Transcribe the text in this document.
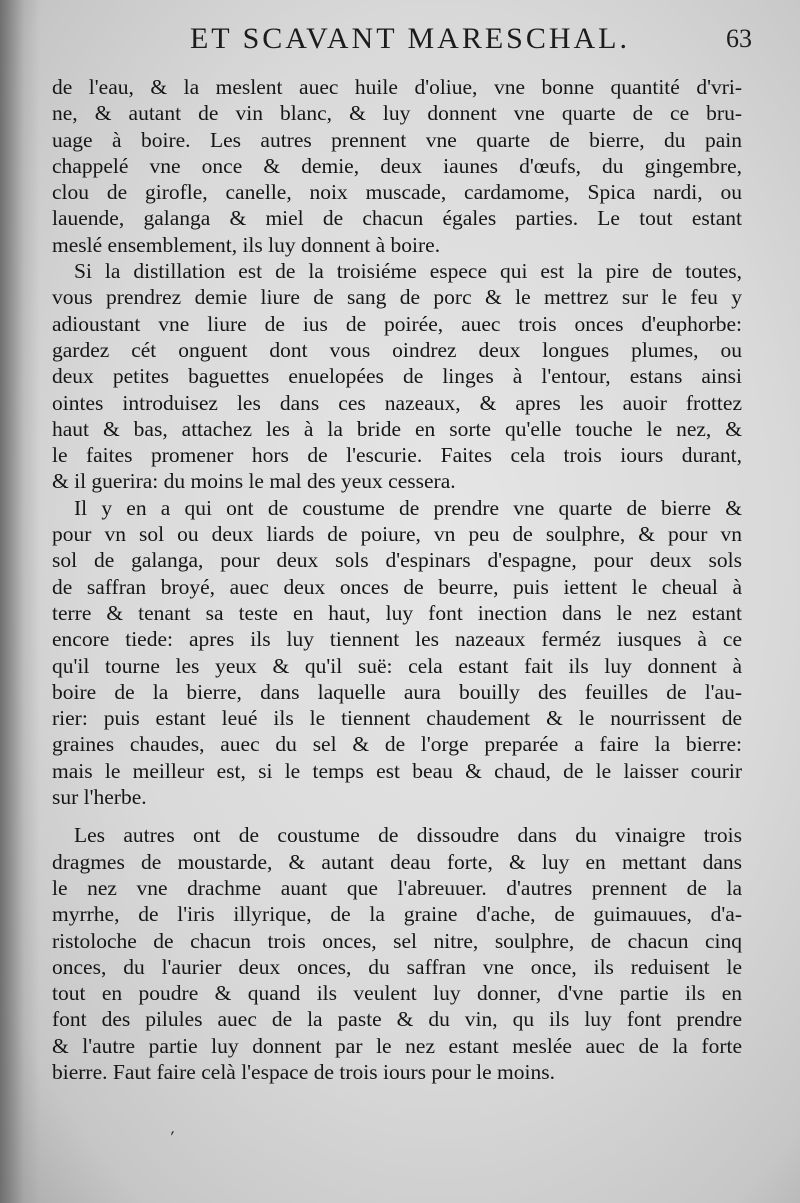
ET SCAVANT MARESCHAL.	63

de l'eau, & la meslent auec huile d'oliue, vne bonne quantité d'vri-
ne, & autant de vin blanc, & luy donnent vne quarte de ce bru-
uage à boire. Les autres prennent vne quarte de bierre, du pain
chappelé vne once & demie, deux iaunes d'œufs, du gingembre,
clou de girofle, canelle, noix muscade, cardamome, Spica nardi, ou
lauende, galanga & miel de chacun égales parties. Le tout estant
meslé ensemblement, ils luy donnent à boire.

Si la distillation est de la troisiéme espece qui est la pire de toutes,
vous prendrez demie liure de sang de porc & le mettrez sur le feu y
adioustant vne liure de ius de poirée, auec trois onces d'euphorbe:
gardez cét onguent dont vous oindrez deux longues plumes, ou
deux petites baguettes enuelopées de linges à l'entour, estans ainsi
ointes introduisez les dans ces nazeaux, & apres les auoir frottez
haut & bas, attachez les à la bride en sorte qu'elle touche le nez, &
le faites promener hors de l'escurie. Faites cela trois iours durant,
& il guerira: du moins le mal des yeux cessera.

Il y en a qui ont de coustume de prendre vne quarte de bierre &
pour vn sol ou deux liards de poiure, vn peu de soulphre, & pour vn
sol de galanga, pour deux sols d'espinars d'espagne, pour deux sols
de saffran broyé, auec deux onces de beurre, puis iettent le cheual à
terre & tenant sa teste en haut, luy font inection dans le nez estant
encore tiede: apres ils luy tiennent les nazeaux ferméz iusques à ce
qu'il tourne les yeux & qu'il suë: cela estant fait ils luy donnent à
boire de la bierre, dans laquelle aura bouilly des feuilles de l'au-
rier: puis estant leué ils le tiennent chaudement & le nourrissent de
graines chaudes, auec du sel & de l'orge preparée a faire la bierre:
mais le meilleur est, si le temps est beau & chaud, de le laisser courir
sur l'herbe.

Les autres ont de coustume de dissoudre dans du vinaigre trois
dragmes de moustarde, & autant deau forte, & luy en mettant dans
le nez vne drachme auant que l'abreuuer. d'autres prennent de la
myrrhe, de l'iris illyrique, de la graine d'ache, de guimauues, d'a-
ristoloche de chacun trois onces, sel nitre, soulphre, de chacun cinq
onces, du l'aurier deux onces, du saffran vne once, ils reduisent le
tout en poudre & quand ils veulent luy donner, d'vne partie ils en
font des pilules auec de la paste & du vin, qu ils luy font prendre
& l'autre partie luy donnent par le nez estant meslée auec de la forte
bierre. Faut faire celà l'espace de trois iours pour le moins.

ˊ
